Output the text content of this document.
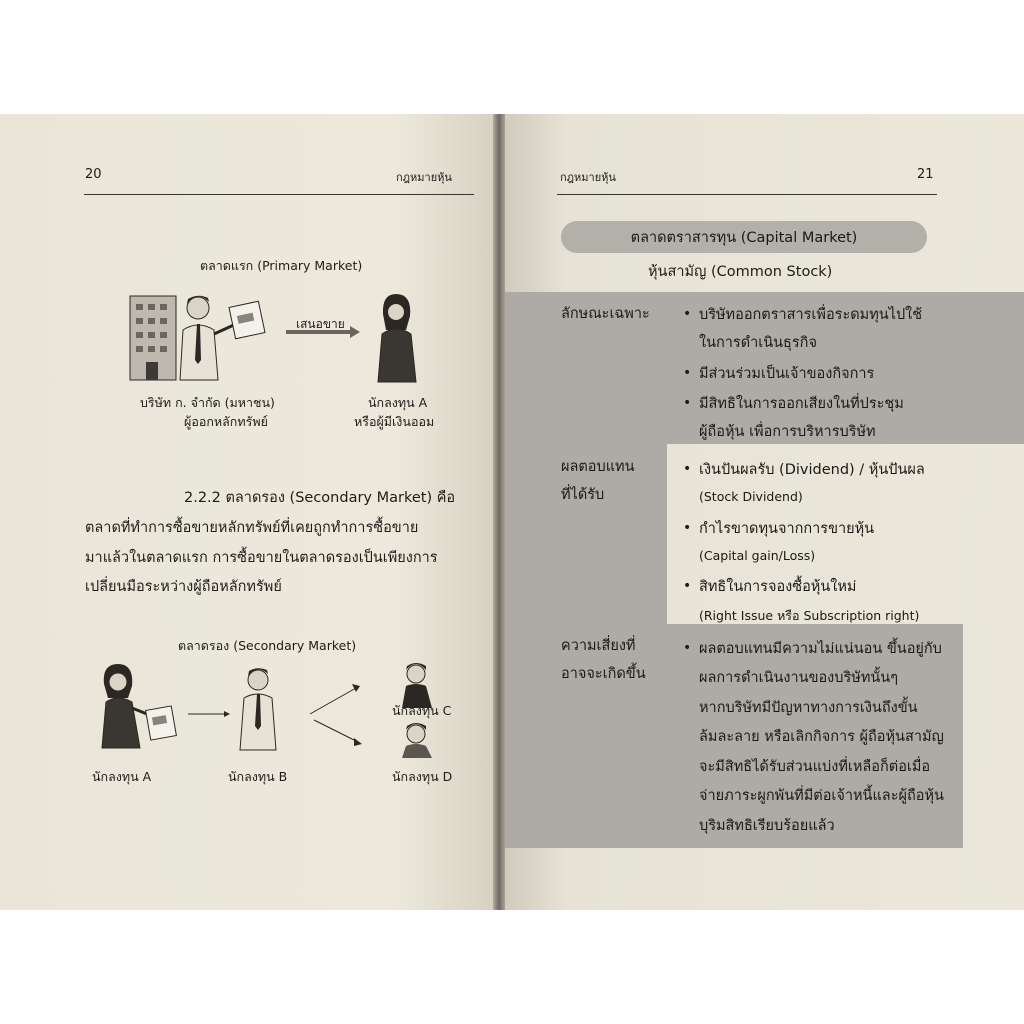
20	กฎหมายหุ้น
ตลาดแรก (Primary Market)
เสนอขาย
บริษัท ก. จำกัด (มหาชน)
ผู้ออกหลักทรัพย์
นักลงทุน A
หรือผู้มีเงินออม
2.2.2 ตลาดรอง (Secondary Market) คือ
ตลาดที่ทำการซื้อขายหลักทรัพย์ที่เคยถูกทำการซื้อขาย
มาแล้วในตลาดแรก การซื้อขายในตลาดรองเป็นเพียงการ
เปลี่ยนมือระหว่างผู้ถือหลักทรัพย์
ตลาดรอง (Secondary Market)
นักลงทุน C
นักลงทุน A	นักลงทุน B	นักลงทุน D
กฎหมายหุ้น	21
ตลาดตราสารทุน (Capital Market)
หุ้นสามัญ (Common Stock)
ลักษณะเฉพาะ • บริษัทออกตราสารเพื่อระดมทุนไปใช้
ในการดำเนินธุรกิจ
• มีส่วนร่วมเป็นเจ้าของกิจการ
• มีสิทธิในการออกเสียงในที่ประชุม
ผู้ถือหุ้น เพื่อการบริหารบริษัท
ผลตอบแทน
ที่ได้รับ
• เงินปันผลรับ (Dividend) / หุ้นปันผล
(Stock Dividend)
• กำไรขาดทุนจากการขายหุ้น
(Capital gain/Loss)
• สิทธิในการจองซื้อหุ้นใหม่
(Right Issue หรือ Subscription right)
ความเสี่ยงที่
อาจจะเกิดขึ้น
• ผลตอบแทนมีความไม่แน่นอน ขึ้นอยู่กับ
ผลการดำเนินงานของบริษัทนั้นๆ
หากบริษัทมีปัญหาทางการเงินถึงขั้น
ล้มละลาย หรือเลิกกิจการ ผู้ถือหุ้นสามัญ
จะมีสิทธิได้รับส่วนแบ่งที่เหลือก็ต่อเมื่อ
จ่ายภาระผูกพันที่มีต่อเจ้าหนี้และผู้ถือหุ้น
บุริมสิทธิเรียบร้อยแล้ว
